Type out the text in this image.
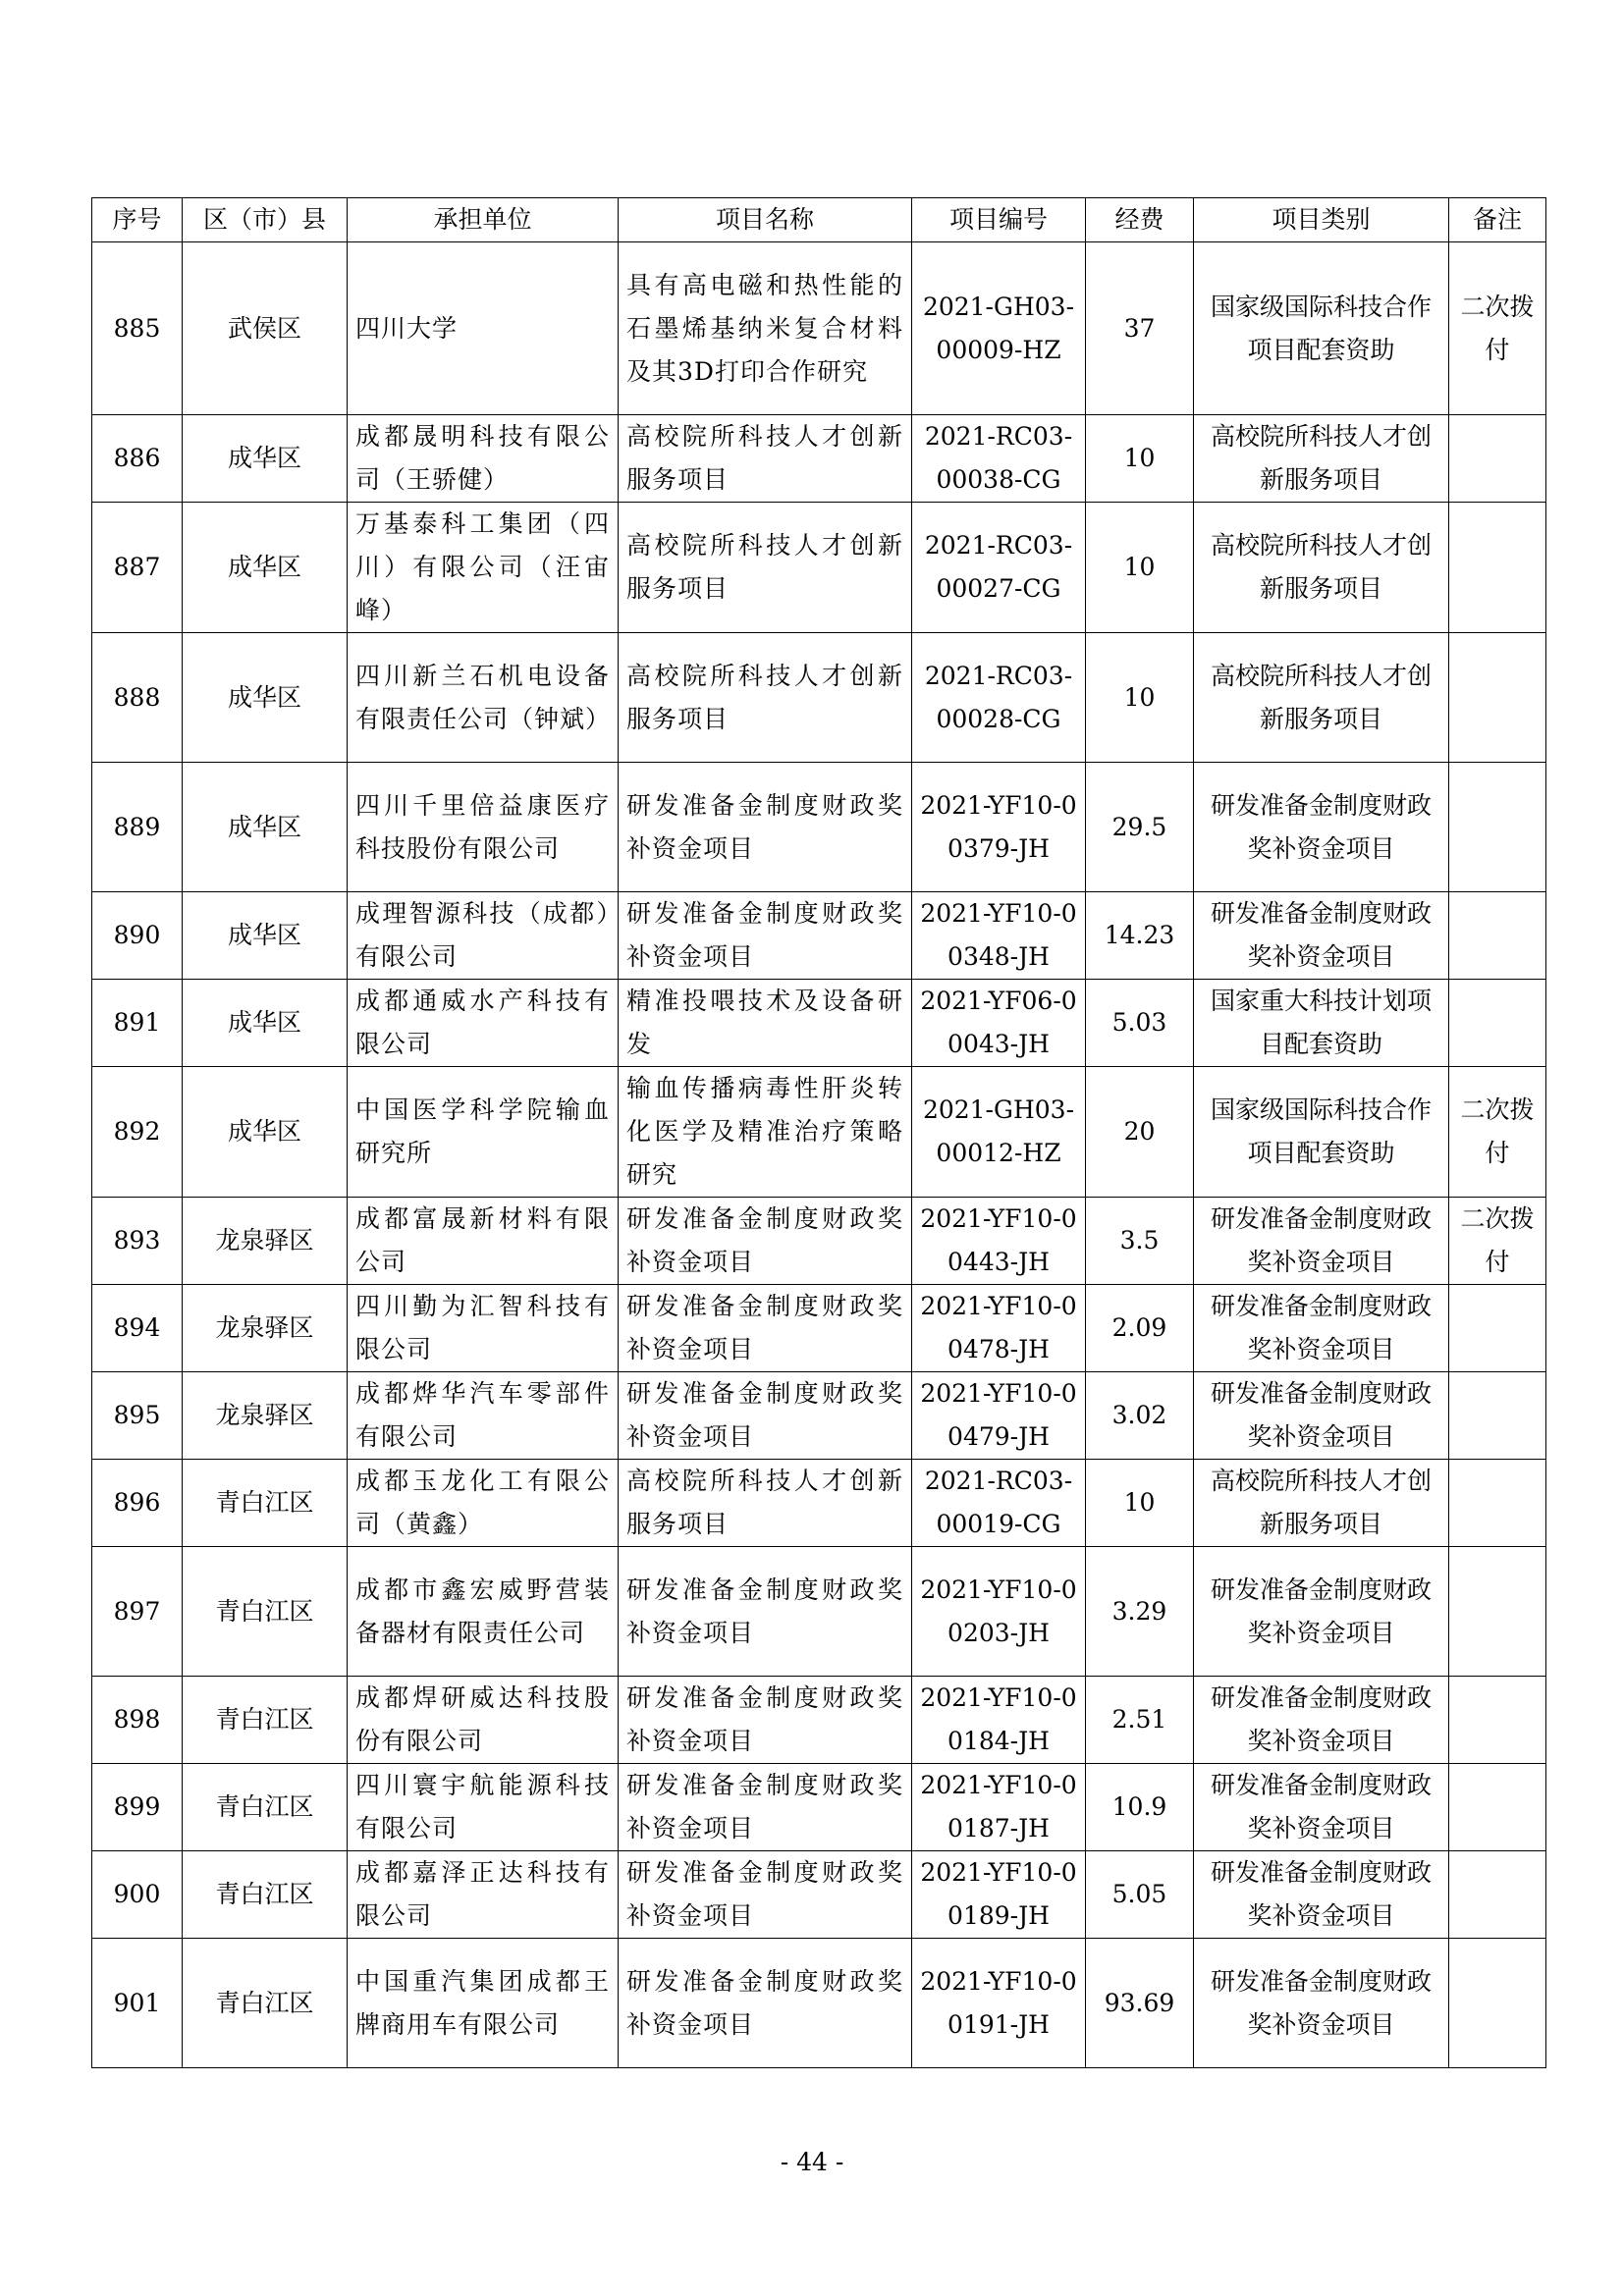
序号	区（市）县	承担单位	项目名称	项目编号	经费	项目类别	备注
885	武侯区	四川大学	具有高电磁和热性能的石墨烯基纳米复合材料及其3D打印合作研究	2021-GH03-00009-HZ	37	国家级国际科技合作项目配套资助	二次拨付
886	成华区	成都晟明科技有限公司（王骄健）	高校院所科技人才创新服务项目	2021-RC03-00038-CG	10	高校院所科技人才创新服务项目	
887	成华区	万基泰科工集团（四川）有限公司（汪宙峰）	高校院所科技人才创新服务项目	2021-RC03-00027-CG	10	高校院所科技人才创新服务项目	
888	成华区	四川新兰石机电设备有限责任公司（钟斌）	高校院所科技人才创新服务项目	2021-RC03-00028-CG	10	高校院所科技人才创新服务项目	
889	成华区	四川千里倍益康医疗科技股份有限公司	研发准备金制度财政奖补资金项目	2021-YF10-00379-JH	29.5	研发准备金制度财政奖补资金项目	
890	成华区	成理智源科技（成都）有限公司	研发准备金制度财政奖补资金项目	2021-YF10-00348-JH	14.23	研发准备金制度财政奖补资金项目	
891	成华区	成都通威水产科技有限公司	精准投喂技术及设备研发	2021-YF06-00043-JH	5.03	国家重大科技计划项目配套资助	
892	成华区	中国医学科学院输血研究所	输血传播病毒性肝炎转化医学及精准治疗策略研究	2021-GH03-00012-HZ	20	国家级国际科技合作项目配套资助	二次拨付
893	龙泉驿区	成都富晟新材料有限公司	研发准备金制度财政奖补资金项目	2021-YF10-00443-JH	3.5	研发准备金制度财政奖补资金项目	二次拨付
894	龙泉驿区	四川勤为汇智科技有限公司	研发准备金制度财政奖补资金项目	2021-YF10-00478-JH	2.09	研发准备金制度财政奖补资金项目	
895	龙泉驿区	成都烨华汽车零部件有限公司	研发准备金制度财政奖补资金项目	2021-YF10-00479-JH	3.02	研发准备金制度财政奖补资金项目	
896	青白江区	成都玉龙化工有限公司（黄鑫）	高校院所科技人才创新服务项目	2021-RC03-00019-CG	10	高校院所科技人才创新服务项目	
897	青白江区	成都市鑫宏威野营装备器材有限责任公司	研发准备金制度财政奖补资金项目	2021-YF10-00203-JH	3.29	研发准备金制度财政奖补资金项目	
898	青白江区	成都焊研威达科技股份有限公司	研发准备金制度财政奖补资金项目	2021-YF10-00184-JH	2.51	研发准备金制度财政奖补资金项目	
899	青白江区	四川寰宇航能源科技有限公司	研发准备金制度财政奖补资金项目	2021-YF10-00187-JH	10.9	研发准备金制度财政奖补资金项目	
900	青白江区	成都嘉泽正达科技有限公司	研发准备金制度财政奖补资金项目	2021-YF10-00189-JH	5.05	研发准备金制度财政奖补资金项目	
901	青白江区	中国重汽集团成都王牌商用车有限公司	研发准备金制度财政奖补资金项目	2021-YF10-00191-JH	93.69	研发准备金制度财政奖补资金项目	
- 44 -
